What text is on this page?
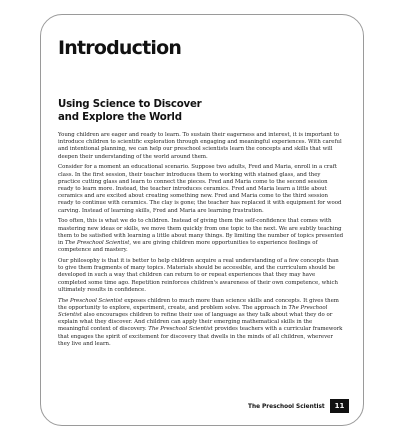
Introduction
Using Science to Discover
and Explore the World

Young children are eager and ready to learn. To sustain their eagerness and interest, it is important to introduce children to scientific exploration through engaging and meaningful experiences. With careful and intentional planning, we can help our preschool scientists learn the concepts and skills that will deepen their understanding of the world around them.

Consider for a moment an educational scenario. Suppose two adults, Fred and Maria, enroll in a craft class. In the first session, their teacher introduces them to working with stained glass, and they practice cutting glass and learn to connect the pieces. Fred and Maria come to the second session ready to learn more. Instead, the teacher introduces ceramics. Fred and Maria learn a little about ceramics and are excited about creating something new. Fred and Maria come to the third session ready to continue with ceramics. The clay is gone; the teacher has replaced it with equipment for wood carving. Instead of learning skills, Fred and Maria are learning frustration.

Too often, this is what we do to children. Instead of giving them the self-confidence that comes with mastering new ideas or skills, we move them quickly from one topic to the next. We are subtly teaching them to be satisfied with learning a little about many things. By limiting the number of topics presented in The Preschool Scientist, we are giving children more opportunities to experience feelings of competence and mastery.

Our philosophy is that it is better to help children acquire a real understanding of a few concepts than to give them fragments of many topics. Materials should be accessible, and the curriculum should be developed in such a way that children can return to or repeat experiences that they may have completed some time ago. Repetition reinforces children's awareness of their own competence, which ultimately results in confidence.

The Preschool Scientist exposes children to much more than science skills and concepts. It gives them the opportunity to explore, experiment, create, and problem solve. The approach in The Preschool Scientist also encourages children to refine their use of language as they talk about what they do or explain what they discover. And children can apply their emerging mathematical skills in the meaningful context of discovery. The Preschool Scientist provides teachers with a curricular framework that engages the spirit of excitement for discovery that dwells in the minds of all children, wherever they live and learn.

The Preschool Scientist	11
